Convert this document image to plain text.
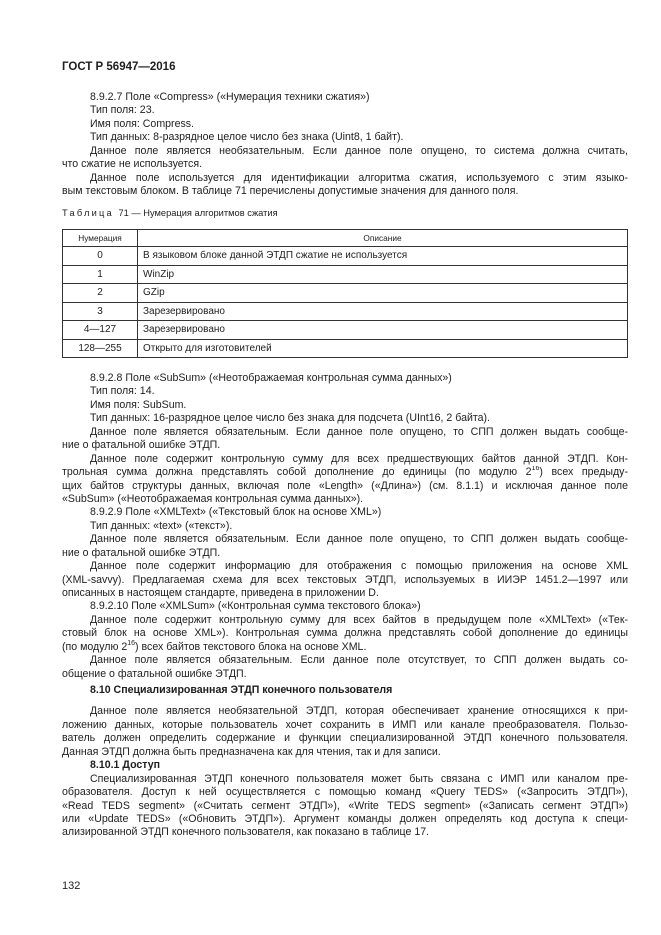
ГОСТ Р 56947—2016
8.9.2.7 Поле «Compress» («Нумерация техники сжатия»)
Тип поля: 23.
Имя поля: Compress.
Тип данных: 8-разрядное целое число без знака (Uint8, 1 байт).
Данное поле является необязательным. Если данное поле опущено, то система должна считать,
что сжатие не используется.
Данное поле используется для идентификации алгоритма сжатия, используемого с этим языко-
вым текстовым блоком. В таблице 71 перечислены допустимые значения для данного поля.
Таблица 71 — Нумерация алгоритмов сжатия
Нумерация	Описание
0	В языковом блоке данной ЭТДП сжатие не используется
1	WinZip
2	GZip
3	Зарезервировано
4—127	Зарезервировано
128—255	Открыто для изготовителей
8.9.2.8 Поле «SubSum» («Неотображаемая контрольная сумма данных»)
Тип поля: 14.
Имя поля: SubSum.
Тип данных: 16-разрядное целое число без знака для подсчета (UInt16, 2 байта).
Данное поле является обязательным. Если данное поле опущено, то СПП должен выдать сообще-
ние о фатальной ошибке ЭТДП.
Данное поле содержит контрольную сумму для всех предшествующих байтов данной ЭТДП. Кон-
трольная сумма должна представлять собой дополнение до единицы (по модулю $2^{16}$) всех предыду-
щих байтов структуры данных, включая поле «Length» («Длина») (см. 8.1.1) и исключая данное поле
«SubSum» («Неотображаемая контрольная сумма данных»).
8.9.2.9 Поле «XMLText» («Текстовый блок на основе XML»)
Тип данных: «text» («текст»).
Данное поле является обязательным. Если данное поле опущено, то СПП должен выдать сообще-
ние о фатальной ошибке ЭТДП.
Данное поле содержит информацию для отображения с помощью приложения на основе XML
(XML-savvy). Предлагаемая схема для всех текстовых ЭТДП, используемых в ИИЭР 1451.2—1997 или
описанных в настоящем стандарте, приведена в приложении D.
8.9.2.10 Поле «XMLSum» («Контрольная сумма текстового блока»)
Данное поле содержит контрольную сумму для всех байтов в предыдущем поле «XMLText» («Тек-
стовый блок на основе XML»). Контрольная сумма должна представлять собой дополнение до единицы
(по модулю $2^{16}$) всех байтов текстового блока на основе XML.
Данное поле является обязательным. Если данное поле отсутствует, то СПП должен выдать со-
общение о фатальной ошибке ЭТДП.
8.10 Специализированная ЭТДП конечного пользователя
Данное поле является необязательной ЭТДП, которая обеспечивает хранение относящихся к при-
ложению данных, которые пользователь хочет сохранить в ИМП или канале преобразователя. Пользо-
ватель должен определить содержание и функции специализированной ЭТДП конечного пользователя.
Данная ЭТДП должна быть предназначена как для чтения, так и для записи.
8.10.1 Доступ
Специализированная ЭТДП конечного пользователя может быть связана с ИМП или каналом пре-
образователя. Доступ к ней осуществляется с помощью команд «Query TEDS» («Запросить ЭТДП»),
«Read TEDS segment» («Считать сегмент ЭТДП»), «Write TEDS segment» («Записать сегмент ЭТДП»)
или «Update TEDS» («Обновить ЭТДП»). Аргумент команды должен определять код доступа к специ-
ализированной ЭТДП конечного пользователя, как показано в таблице 17.
132
